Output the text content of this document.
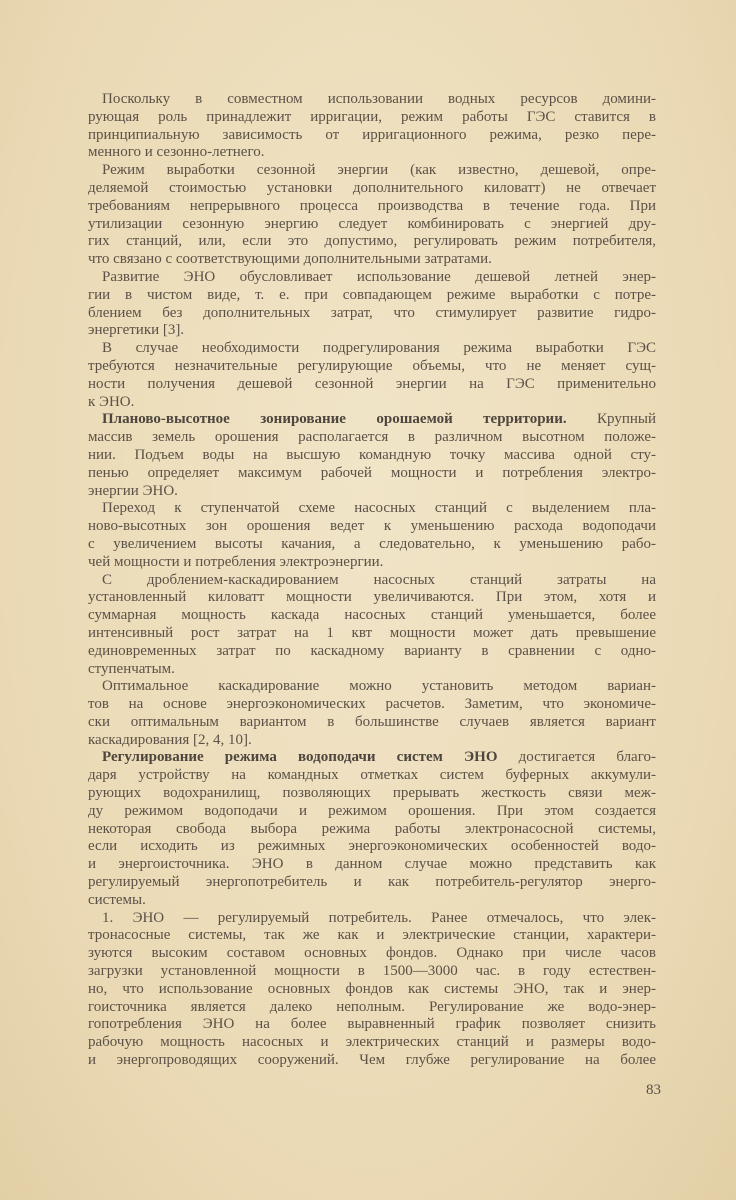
Поскольку в совместном использовании водных ресурсов домини-
рующая роль принадлежит ирригации, режим работы ГЭС ставится в
принципиальную зависимость от ирригационного режима, резко пере-
менного и сезонно-летнего.
Режим выработки сезонной энергии (как известно, дешевой, опре-
деляемой стоимостью установки дополнительного киловатт) не отвечает
требованиям непрерывного процесса производства в течение года. При
утилизации сезонную энергию следует комбинировать с энергией дру-
гих станций, или, если это допустимо, регулировать режим потребителя,
что связано с соответствующими дополнительными затратами.
Развитие ЭНО обусловливает использование дешевой летней энер-
гии в чистом виде, т. е. при совпадающем режиме выработки с потре-
блением без дополнительных затрат, что стимулирует развитие гидро-
энергетики [3].
В случае необходимости подрегулирования режима выработки ГЭС
требуются незначительные регулирующие объемы, что не меняет сущ-
ности получения дешевой сезонной энергии на ГЭС применительно
к ЭНО.
Планово-высотное зонирование орошаемой территории. Крупный
массив земель орошения располагается в различном высотном положе-
нии. Подъем воды на высшую командную точку массива одной сту-
пенью определяет максимум рабочей мощности и потребления электро-
энергии ЭНО.
Переход к ступенчатой схеме насосных станций с выделением пла-
ново-высотных зон орошения ведет к уменьшению расхода водоподачи
с увеличением высоты качания, а следовательно, к уменьшению рабо-
чей мощности и потребления электроэнергии.
С дроблением-каскадированием насосных станций затраты на
установленный киловатт мощности увеличиваются. При этом, хотя и
суммарная мощность каскада насосных станций уменьшается, более
интенсивный рост затрат на 1 квт мощности может дать превышение
единовременных затрат по каскадному варианту в сравнении с одно-
ступенчатым.
Оптимальное каскадирование можно установить методом вариан-
тов на основе энергоэкономических расчетов. Заметим, что экономиче-
ски оптимальным вариантом в большинстве случаев является вариант
каскадирования [2, 4, 10].
Регулирование режима водоподачи систем ЭНО достигается благо-
даря устройству на командных отметках систем буферных аккумули-
рующих водохранилищ, позволяющих прерывать жесткость связи меж-
ду режимом водоподачи и режимом орошения. При этом создается
некоторая свобода выбора режима работы электронасосной системы,
если исходить из режимных энергоэкономических особенностей водо-
и энергоисточника. ЭНО в данном случае можно представить как
регулируемый энергопотребитель и как потребитель-регулятор энерго-
системы.
1. ЭНО — регулируемый потребитель. Ранее отмечалось, что элек-
тронасосные системы, так же как и электрические станции, характери-
зуются высоким составом основных фондов. Однако при числе часов
загрузки установленной мощности в 1500—3000 час. в году естествен-
но, что использование основных фондов как системы ЭНО, так и энер-
гоисточника является далеко неполным. Регулирование же водо-энер-
гопотребления ЭНО на более выравненный график позволяет снизить
рабочую мощность насосных и электрических станций и размеры водо-
и энергопроводящих сооружений. Чем глубже регулирование на более
83
